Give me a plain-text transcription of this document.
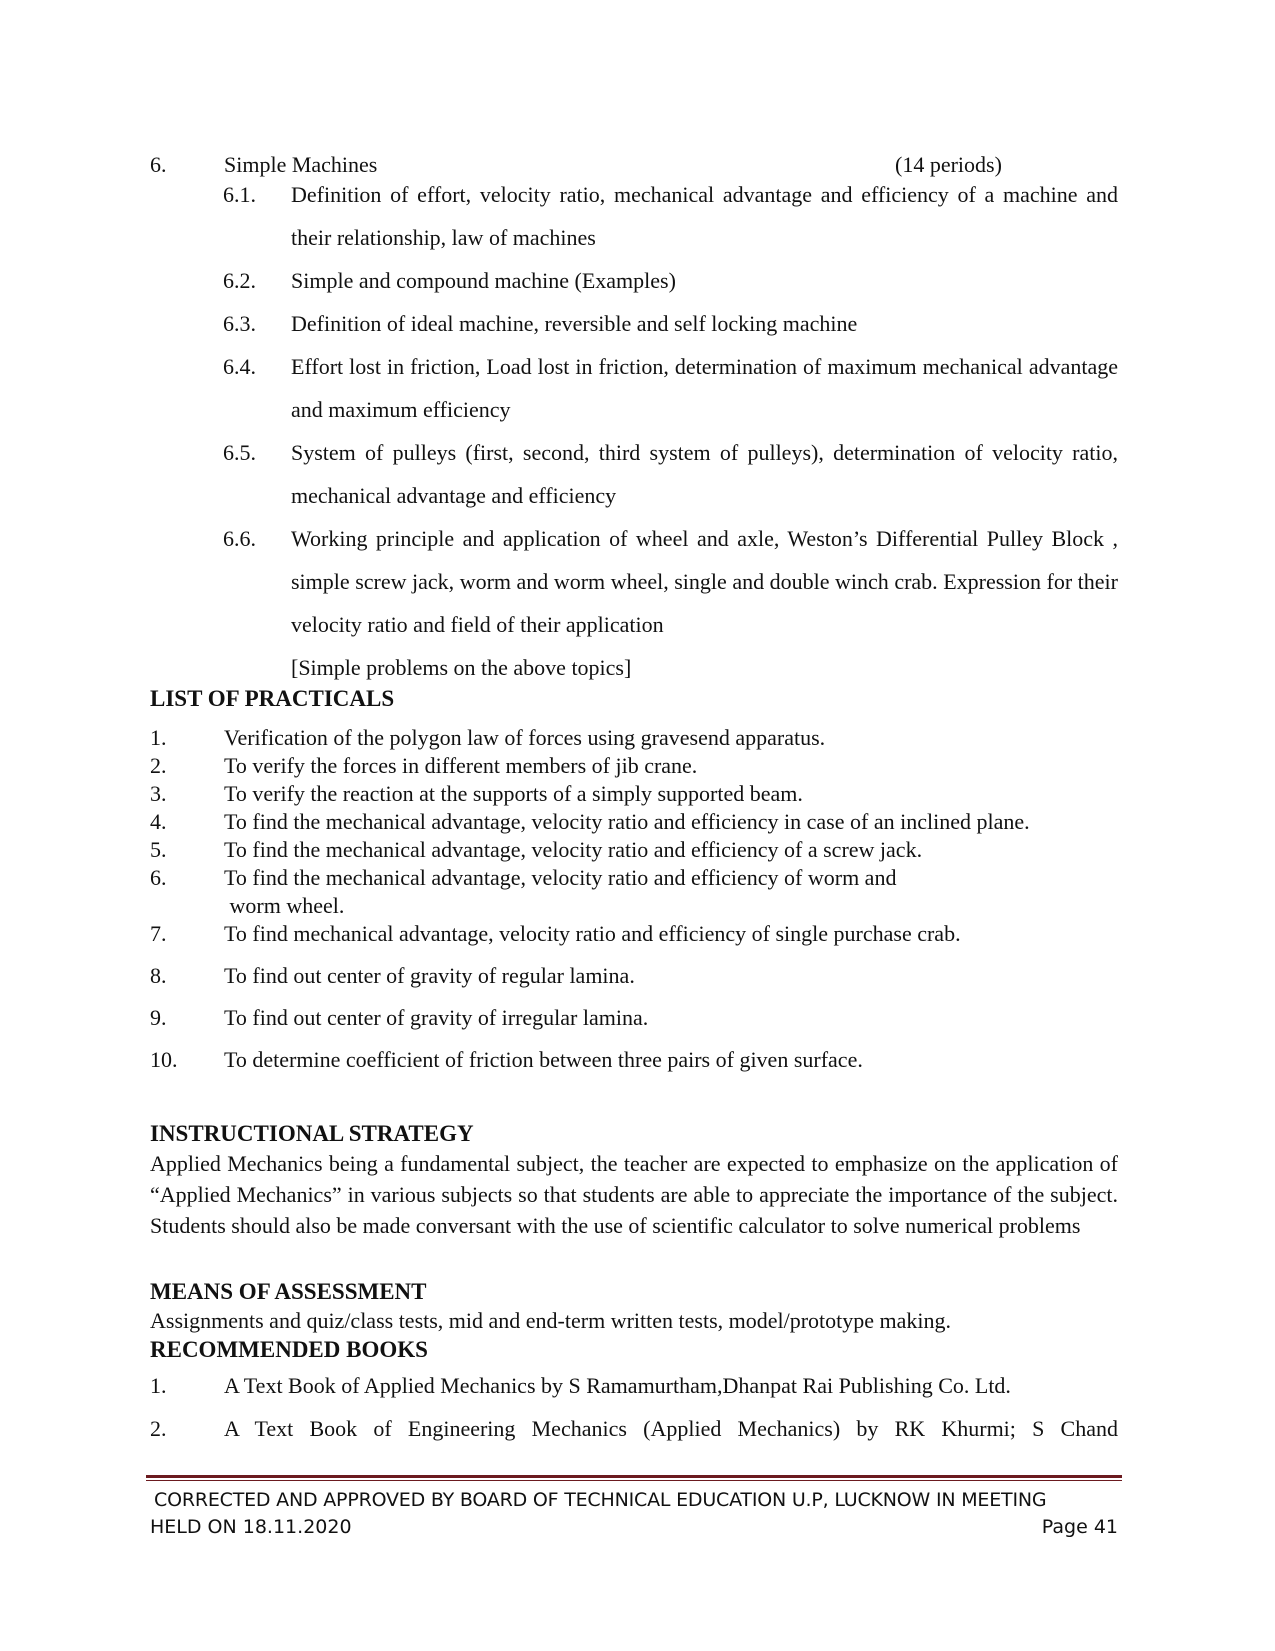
6.	Simple Machines	(14 periods)
6.1.	Definition of effort, velocity ratio, mechanical advantage and efficiency of a machine and their relationship, law of machines
6.2.	Simple and compound machine (Examples)
6.3.	Definition of ideal machine, reversible and self locking machine
6.4.	Effort lost in friction, Load lost in friction, determination of maximum mechanical advantage and maximum efficiency
6.5.	System of pulleys (first, second, third system of pulleys), determination of velocity ratio, mechanical advantage and efficiency
6.6.	Working principle and application of wheel and axle, Weston’s Differential Pulley Block , simple screw jack, worm and worm wheel, single and double winch crab. Expression for their velocity ratio and field of their application
[Simple problems on the above topics]
LIST OF PRACTICALS
1.	Verification of the polygon law of forces using gravesend apparatus.
2.	To verify the forces in different members of jib crane.
3.	To verify the reaction at the supports of a simply supported beam.
4.	To find the mechanical advantage, velocity ratio and efficiency in case of an inclined plane.
5.	To find the mechanical advantage, velocity ratio and efficiency of a screw jack.
6.	To find the mechanical advantage, velocity ratio and efficiency of worm and
worm wheel.
7.	To find mechanical advantage, velocity ratio and efficiency of single purchase crab.
8.	To find out center of gravity of regular lamina.
9.	To find out center of gravity of irregular lamina.
10.	To determine coefficient of friction between three pairs of given surface.
INSTRUCTIONAL STRATEGY
Applied Mechanics being a fundamental subject, the teacher are expected to emphasize on the application of “Applied Mechanics” in various subjects so that students are able to appreciate the importance of the subject. Students should also be made conversant with the use of scientific calculator to solve numerical problems
MEANS OF ASSESSMENT
Assignments and quiz/class tests, mid and end-term written tests, model/prototype making.
RECOMMENDED BOOKS
1.	A Text Book of Applied Mechanics by S Ramamurtham,Dhanpat Rai Publishing Co. Ltd.
2.	A Text Book of Engineering Mechanics (Applied Mechanics) by RK Khurmi; S Chand
CORRECTED AND APPROVED BY BOARD OF TECHNICAL EDUCATION U.P, LUCKNOW IN MEETING
HELD ON 18.11.2020	Page 41
